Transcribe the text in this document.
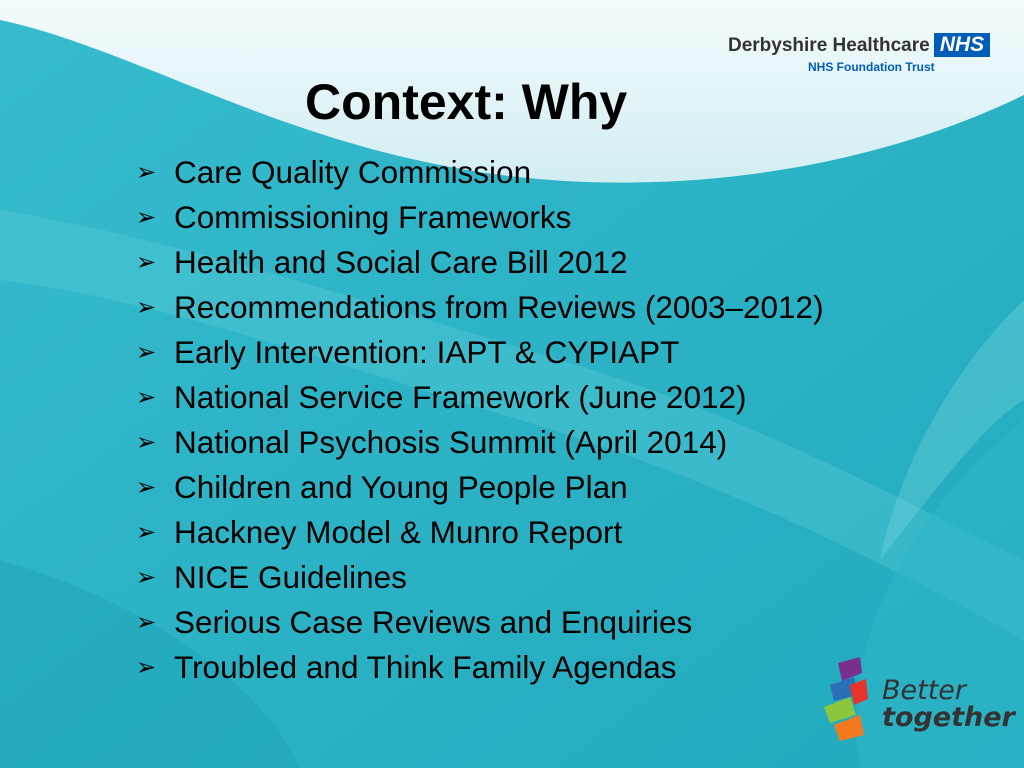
Derbyshire Healthcare NHS
NHS Foundation Trust
Context: Why
➢ Care Quality Commission
➢ Commissioning Frameworks
➢ Health and Social Care Bill 2012
➢ Recommendations from Reviews (2003–2012)
➢ Early Intervention: IAPT & CYPIAPT
➢ National Service Framework (June 2012)
➢ National Psychosis Summit (April 2014)
➢ Children and Young People Plan
➢ Hackney Model & Munro Report
➢ NICE Guidelines
➢ Serious Case Reviews and Enquiries
➢ Troubled and Think Family Agendas
Better
together
